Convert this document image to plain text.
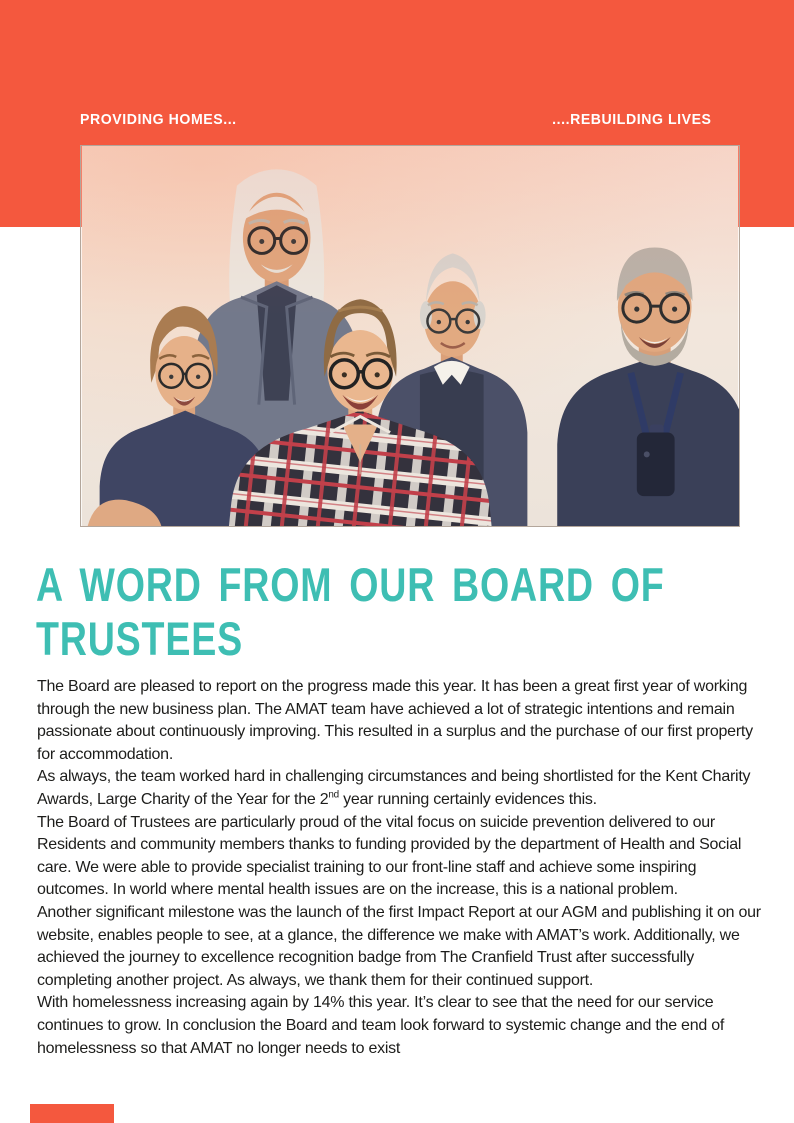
PROVIDING HOMES...	....REBUILDING LIVES
A WORD FROM OUR BOARD OF
TRUSTEES

The Board are pleased to report on the progress made this year. It has been a great first year of working through the new business plan. The AMAT team have achieved a lot of strategic intentions and remain passionate about continuously improving. This resulted in a surplus and the purchase of our first property for accommodation.

As always, the team worked hard in challenging circumstances and being shortlisted for the Kent Charity Awards, Large Charity of the Year for the 2nd year running certainly evidences this.

The Board of Trustees are particularly proud of the vital focus on suicide prevention delivered to our Residents and community members thanks to funding provided by the department of Health and Social care. We were able to provide specialist training to our front-line staff and achieve some inspiring outcomes. In world where mental health issues are on the increase, this is a national problem.

Another significant milestone was the launch of the first Impact Report at our AGM and publishing it on our website, enables people to see, at a glance, the difference we make with AMAT’s work. Additionally, we achieved the journey to excellence recognition badge from The Cranfield Trust after successfully completing another project. As always, we thank them for their continued support.

With homelessness increasing again by 14% this year. It’s clear to see that the need for our service continues to grow. In conclusion the Board and team look forward to systemic change and the end of homelessness so that AMAT no longer needs to exist
